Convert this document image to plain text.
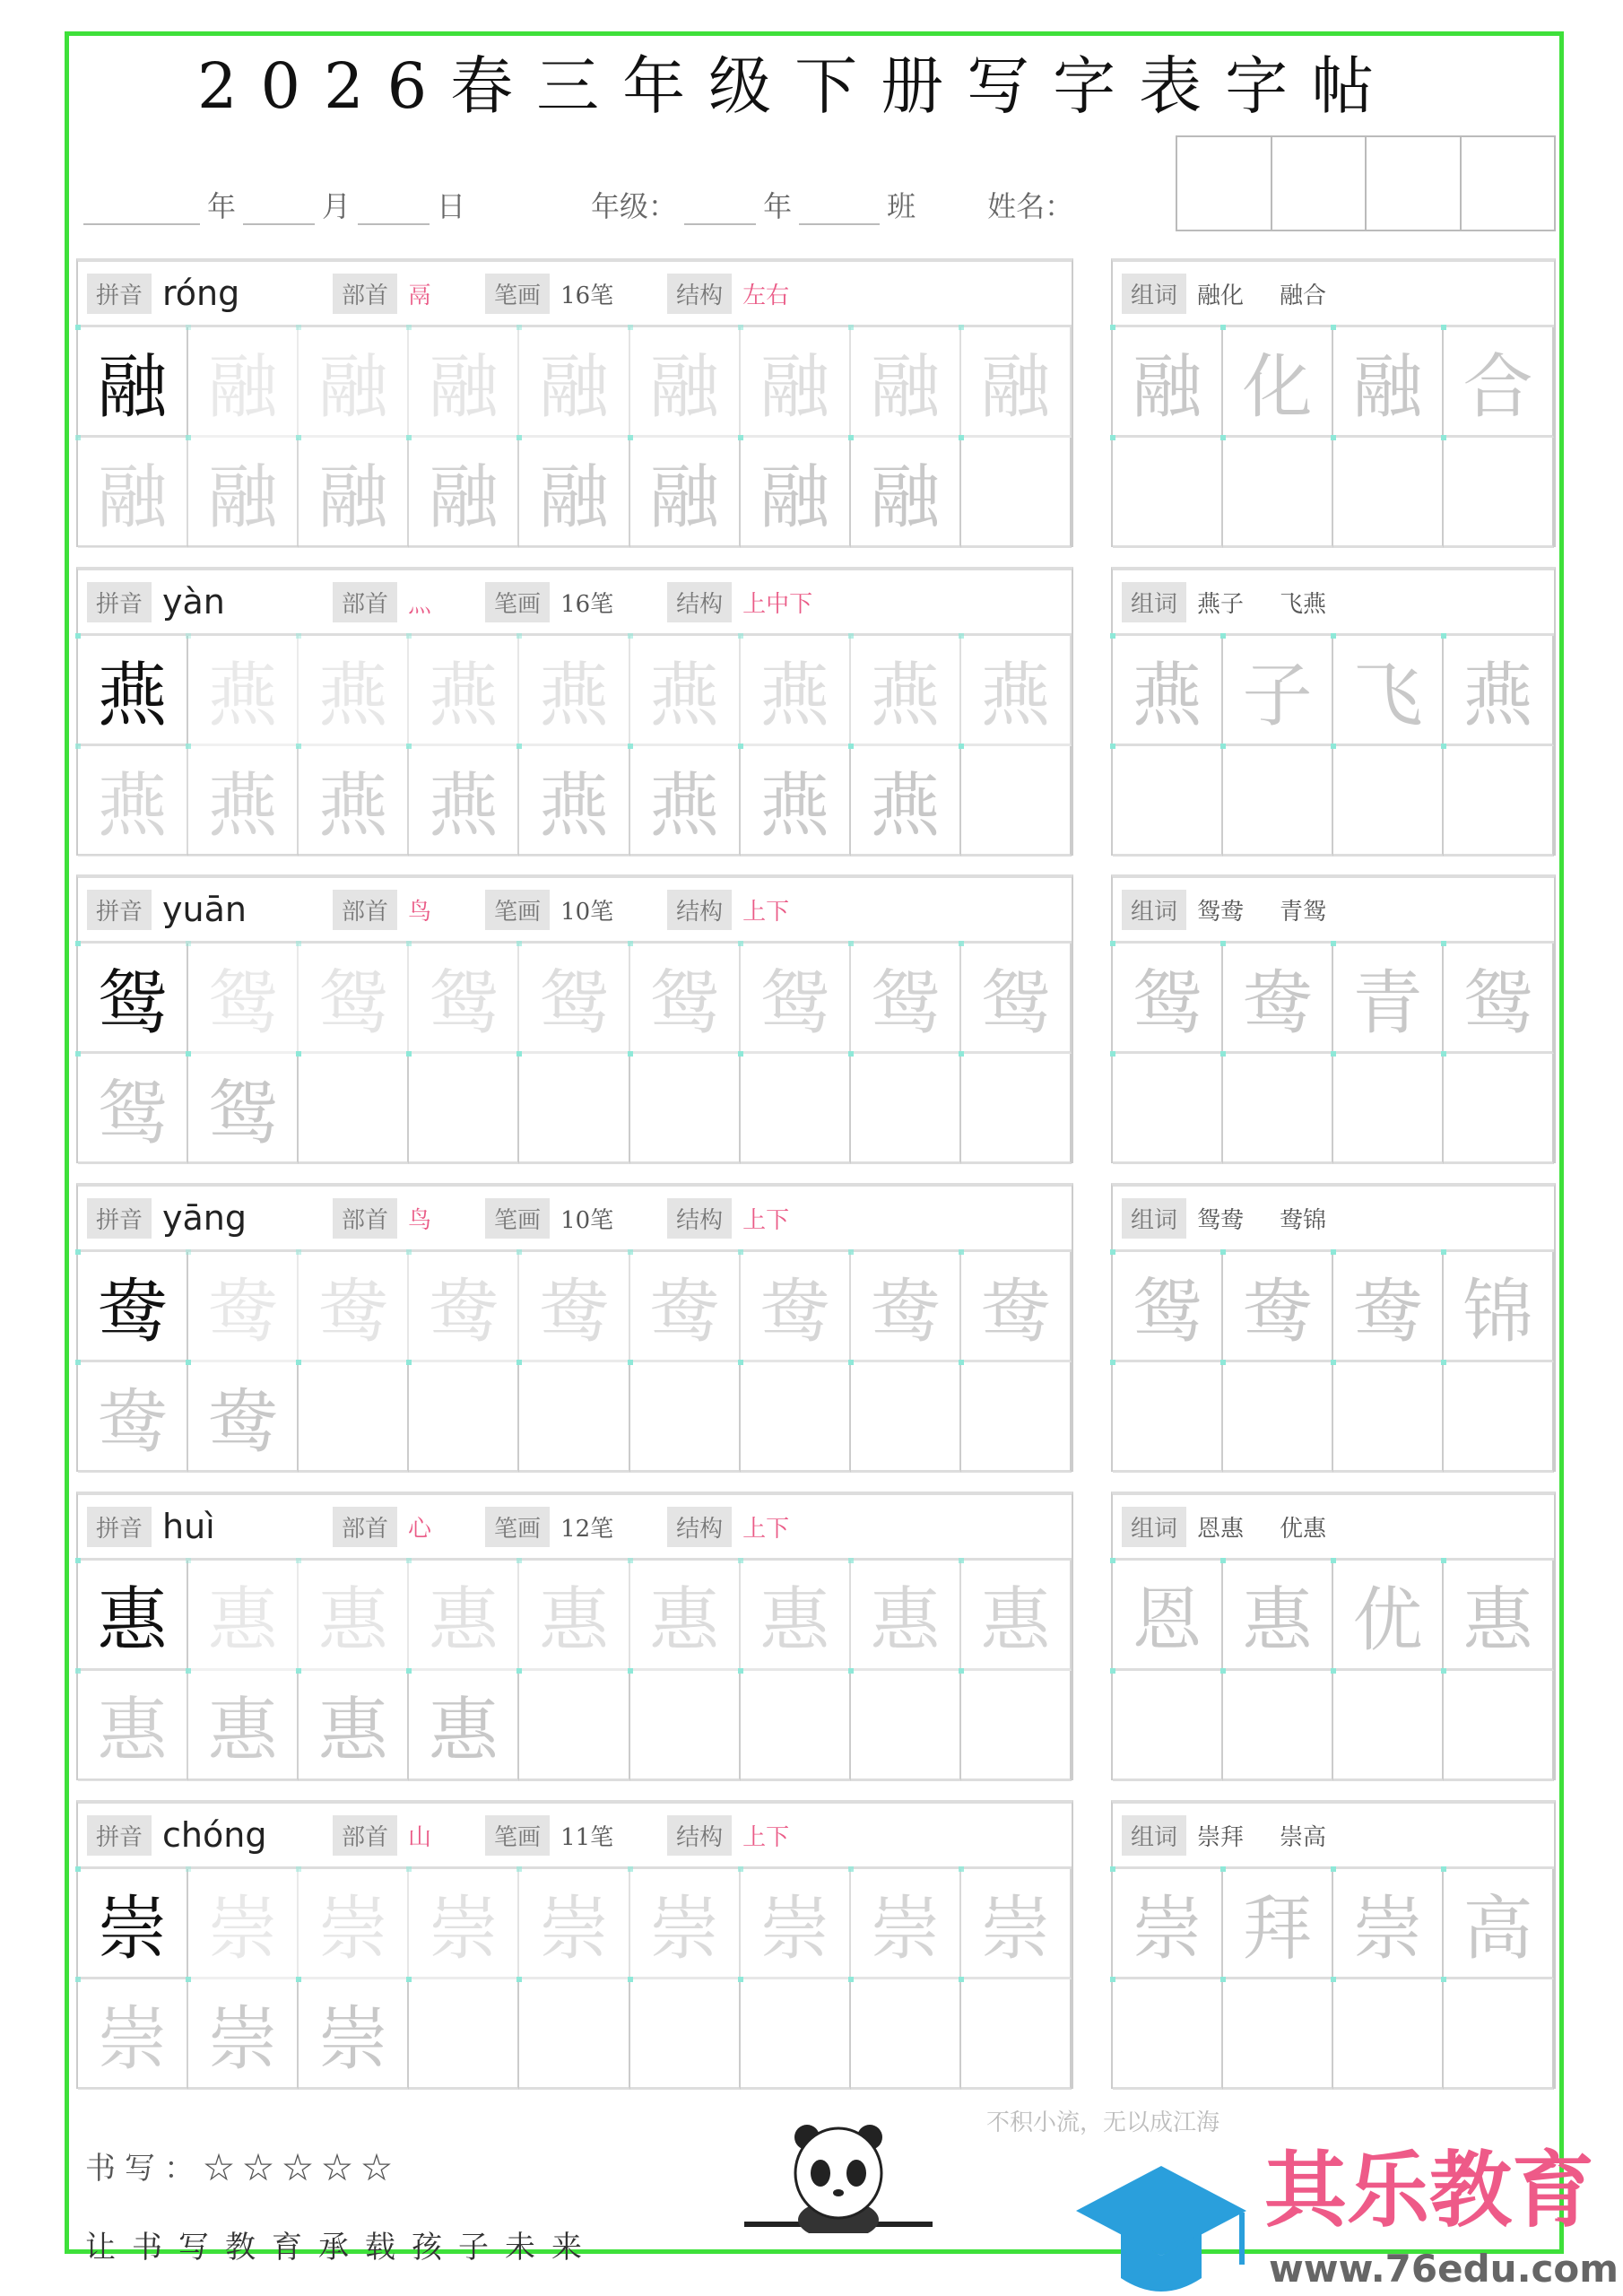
2026春三年级下册写字表字帖
年	月	日	年级：	年	班	姓名：
拼音 róng	部首 鬲	笔画 16笔	结构 左右
融 融 融 融 融 融 融 融 融
融 融 融 融 融 融 融 融
组词 融化 融合
融 化 融 合
拼音 yàn	部首 灬	笔画 16笔	结构 上中下
燕 燕 燕 燕 燕 燕 燕 燕 燕
燕 燕 燕 燕 燕 燕 燕 燕
组词 燕子 飞燕
燕 子 飞 燕
拼音 yuān	部首 鸟	笔画 10笔	结构 上下
鸳 鸳 鸳 鸳 鸳 鸳 鸳 鸳 鸳
鸳 鸳
组词 鸳鸯 青鸳
鸳 鸯 青 鸳
拼音 yāng	部首 鸟	笔画 10笔	结构 上下
鸯 鸯 鸯 鸯 鸯 鸯 鸯 鸯 鸯
鸯 鸯
组词 鸳鸯 鸯锦
鸳 鸯 鸯 锦
拼音 huì	部首 心	笔画 12笔	结构 上下
惠 惠 惠 惠 惠 惠 惠 惠 惠
惠 惠 惠 惠
组词 恩惠 优惠
恩 惠 优 惠
拼音 chóng	部首 山	笔画 11笔	结构 上下
崇 崇 崇 崇 崇 崇 崇 崇 崇
崇 崇 崇
组词 崇拜 崇高
崇 拜 崇 高
书写：☆☆☆☆☆
让书写教育承载孩子未来
不积小流，无以成江海
其乐教育
www.76edu.com
